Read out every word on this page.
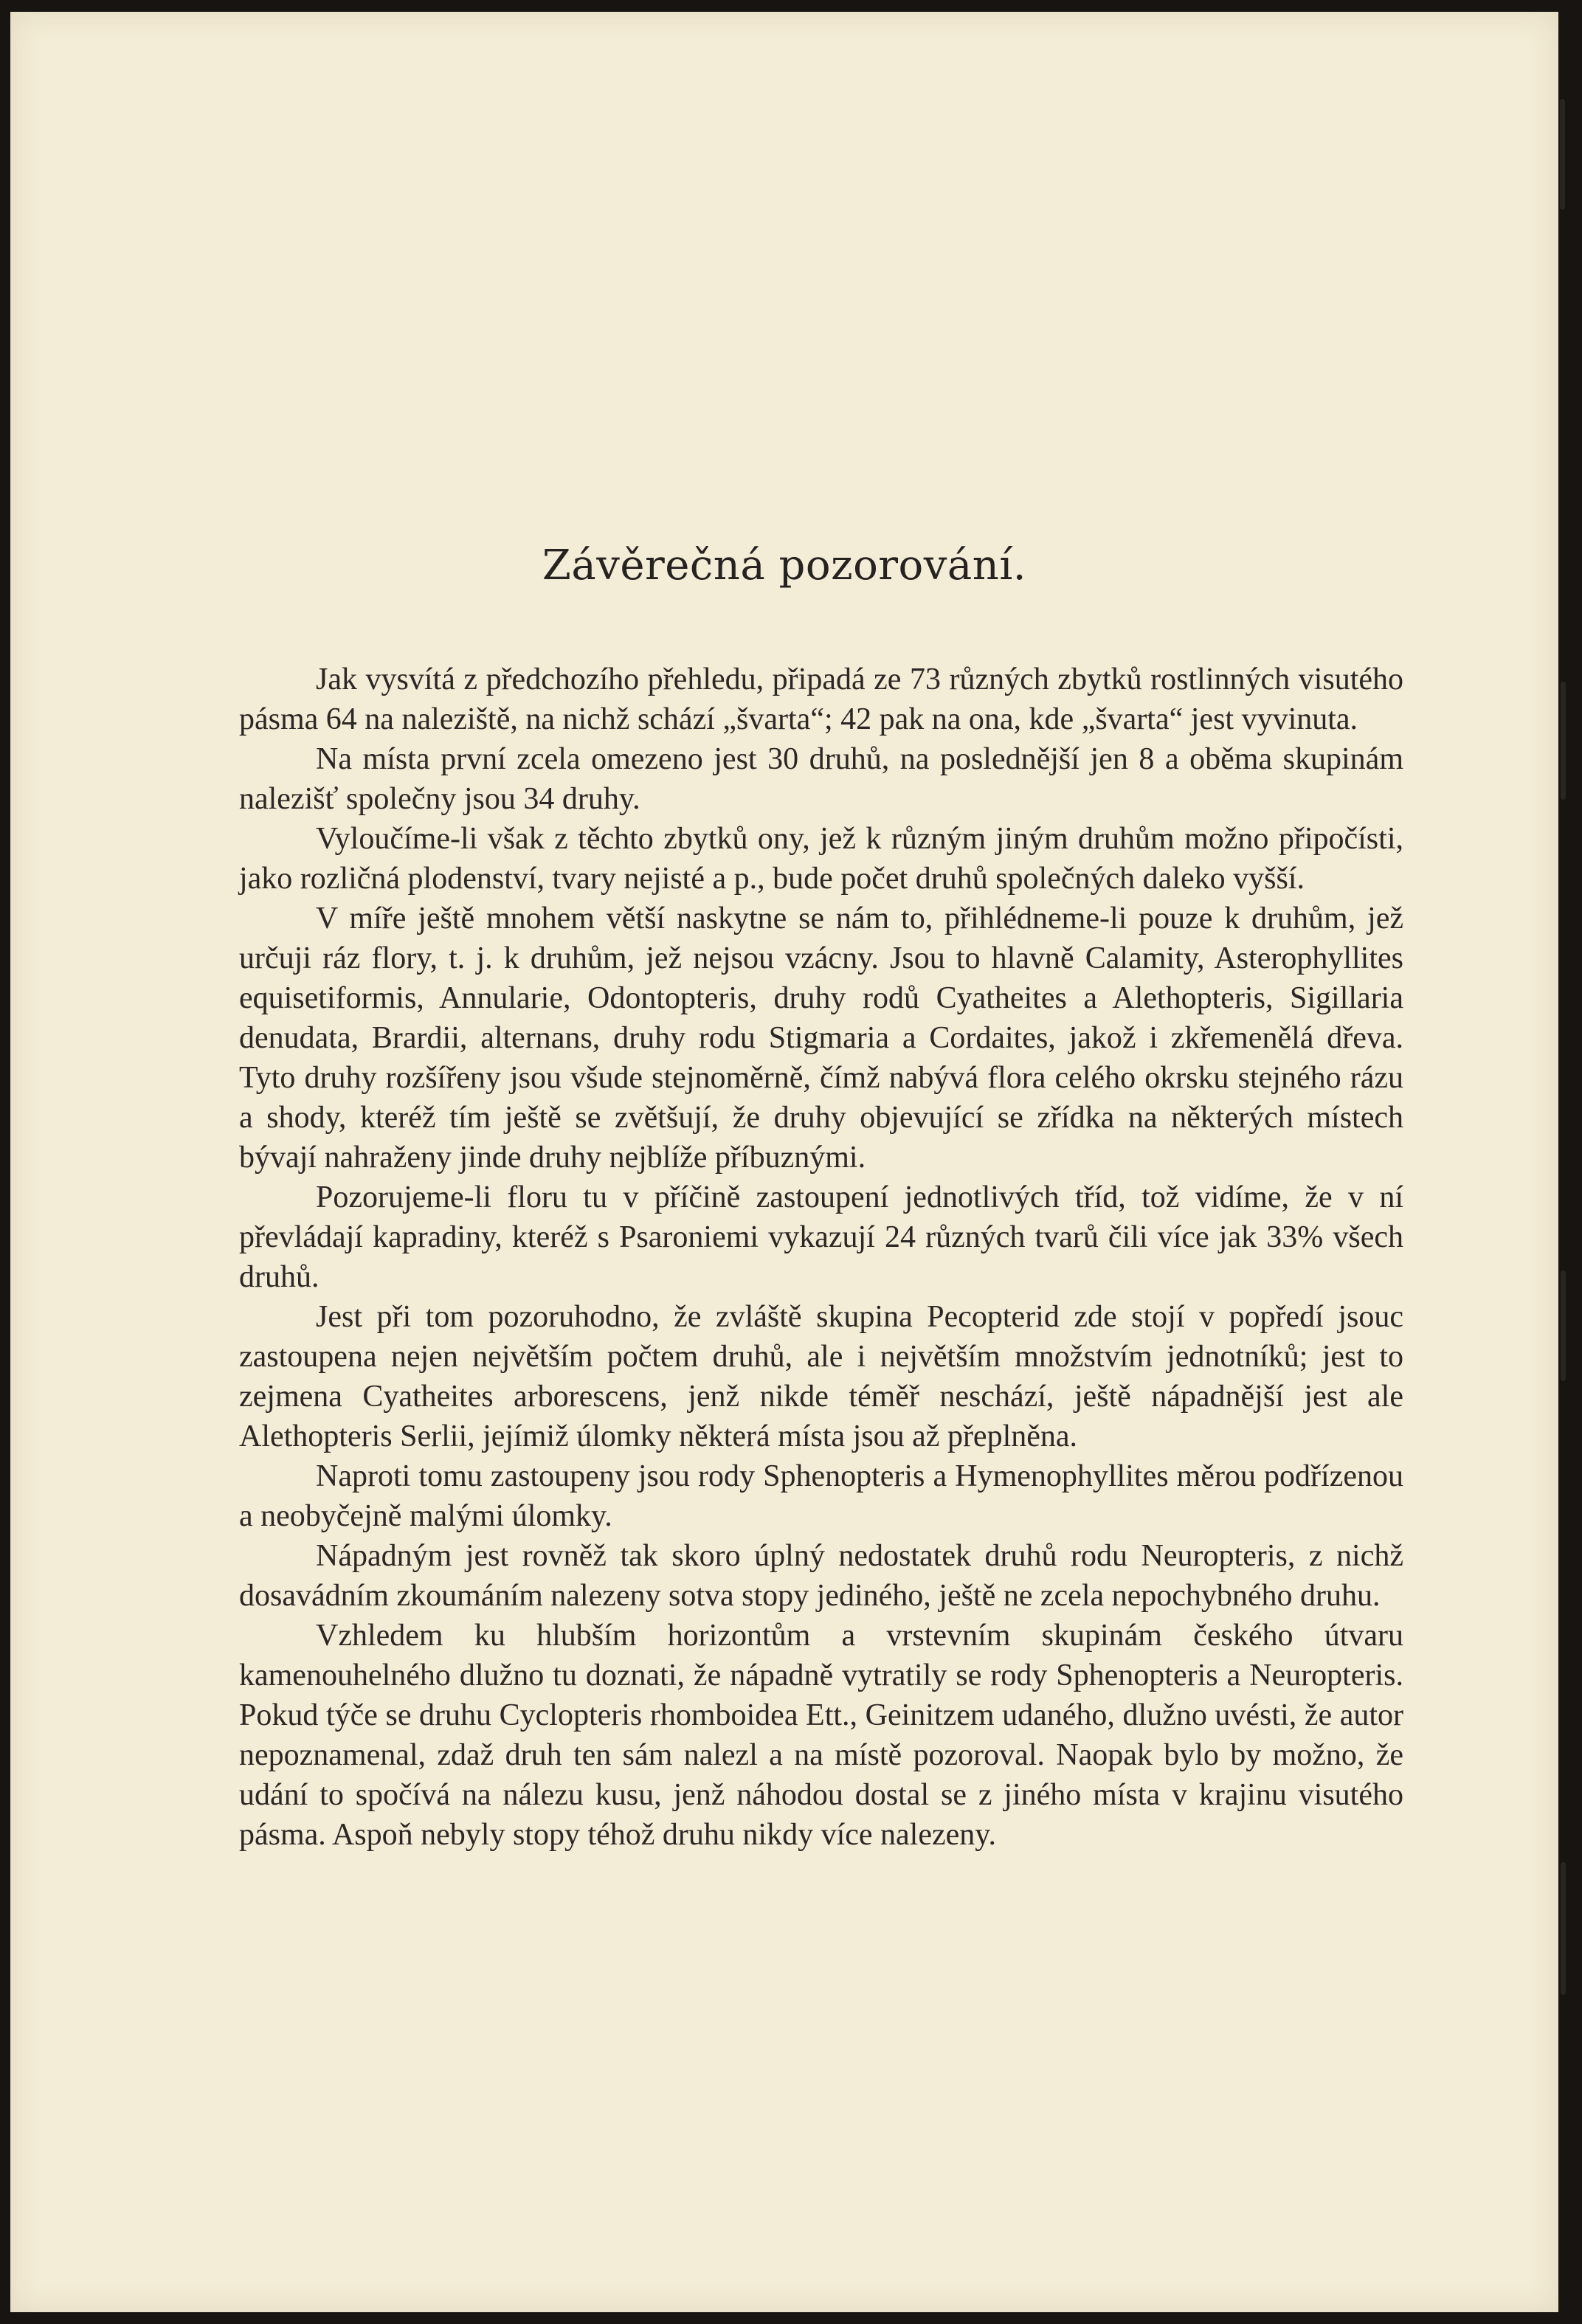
Závěrečná pozorování.

Jak vysvítá z předchozího přehledu, připadá ze 73 různých zbytků rostlinných visutého pásma 64 na naleziště, na nichž schází „švarta“; 42 pak na ona, kde „švarta“ jest vyvinuta.

Na místa první zcela omezeno jest 30 druhů, na poslednější jen 8 a oběma skupinám nalezišť společny jsou 34 druhy.

Vyloučíme-li však z těchto zbytků ony, jež k různým jiným druhům možno připočísti, jako rozličná plodenství, tvary nejisté a p., bude počet druhů společných daleko vyšší.

V míře ještě mnohem větší naskytne se nám to, přihlédneme-li pouze k druhům, jež určuji ráz flory, t. j. k druhům, jež nejsou vzácny. Jsou to hlavně Calamity, Asterophyllites equisetiformis, Annularie, Odontopteris, druhy rodů Cyatheites a Alethopteris, Sigillaria denudata, Brardii, alternans, druhy rodu Stigmaria a Cordaites, jakož i zkřemenělá dřeva. Tyto druhy rozšířeny jsou všude stejnoměrně, čímž nabývá flora celého okrsku stejného rázu a shody, kteréž tím ještě se zvětšují, že druhy objevující se zřídka na některých místech bývají nahraženy jinde druhy nejblíže příbuznými.

Pozorujeme-li floru tu v příčině zastoupení jednotlivých tříd, tož vidíme, že v ní převládají kapradiny, kteréž s Psaroniemi vykazují 24 různých tvarů čili více jak 33% všech druhů.

Jest při tom pozoruhodno, že zvláště skupina Pecopterid zde stojí v popředí jsouc zastoupena nejen největším počtem druhů, ale i největším množstvím jednotníků; jest to zejmena Cyatheites arborescens, jenž nikde téměř neschází, ještě nápadnější jest ale Alethopteris Serlii, jejímiž úlomky některá místa jsou až přeplněna.

Naproti tomu zastoupeny jsou rody Sphenopteris a Hymenophyllites měrou podřízenou a neobyčejně malými úlomky.

Nápadným jest rovněž tak skoro úplný nedostatek druhů rodu Neuropteris, z nichž dosavádním zkoumáním nalezeny sotva stopy jediného, ještě ne zcela nepochybného druhu.

Vzhledem ku hlubším horizontům a vrstevním skupinám českého útvaru kamenouhelného dlužno tu doznati, že nápadně vytratily se rody Sphenopteris a Neuropteris. Pokud týče se druhu Cyclopteris rhomboidea Ett., Geinitzem udaného, dlužno uvésti, že autor nepoznamenal, zdaž druh ten sám nalezl a na místě pozoroval. Naopak bylo by možno, že udání to spočívá na nálezu kusu, jenž náhodou dostal se z jiného místa v krajinu visutého pásma. Aspoň nebyly stopy téhož druhu nikdy více nalezeny.
